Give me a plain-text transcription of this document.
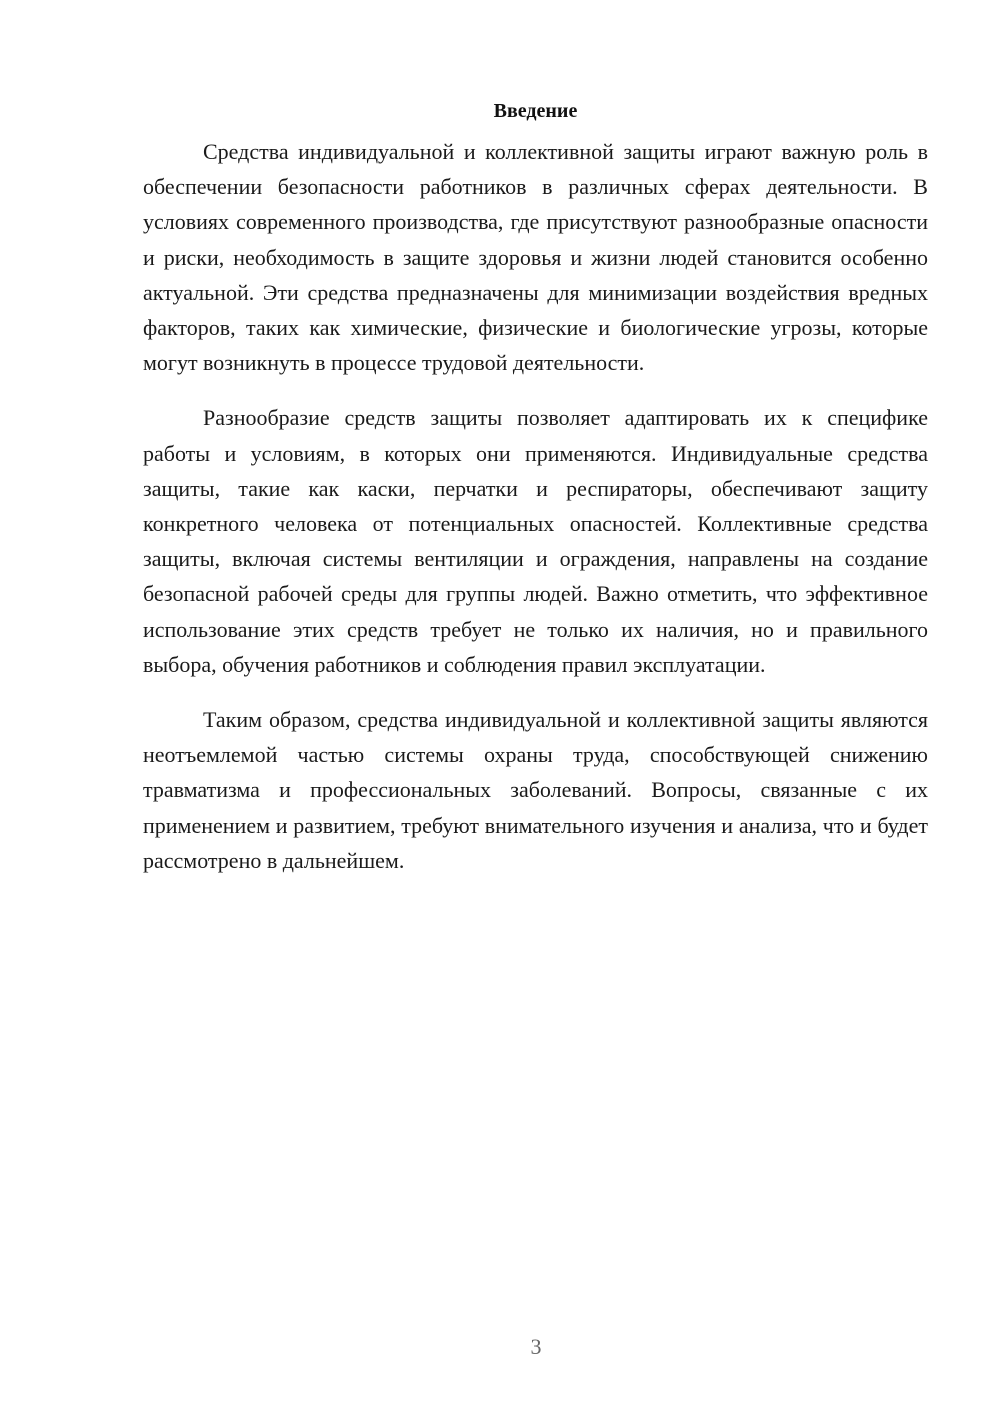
Введение

Средства индивидуальной и коллективной защиты играют важную роль в обеспечении безопасности работников в различных сферах деятельности. В условиях современного производства, где присутствуют разнообразные опасности и риски, необходимость в защите здоровья и жизни людей становится особенно актуальной. Эти средства предназначены для минимизации воздействия вредных факторов, таких как химические, физические и биологические угрозы, которые могут возникнуть в процессе трудовой деятельности.

Разнообразие средств защиты позволяет адаптировать их к специфике работы и условиям, в которых они применяются. Индивидуальные средства защиты, такие как каски, перчатки и респираторы, обеспечивают защиту конкретного человека от потенциальных опасностей. Коллективные средства защиты, включая системы вентиляции и ограждения, направлены на создание безопасной рабочей среды для группы людей. Важно отметить, что эффективное использование этих средств требует не только их наличия, но и правильного выбора, обучения работников и соблюдения правил эксплуатации.

Таким образом, средства индивидуальной и коллективной защиты являются неотъемлемой частью системы охраны труда, способствующей снижению травматизма и профессиональных заболеваний. Вопросы, связанные с их применением и развитием, требуют внимательного изучения и анализа, что и будет рассмотрено в дальнейшем.

3
